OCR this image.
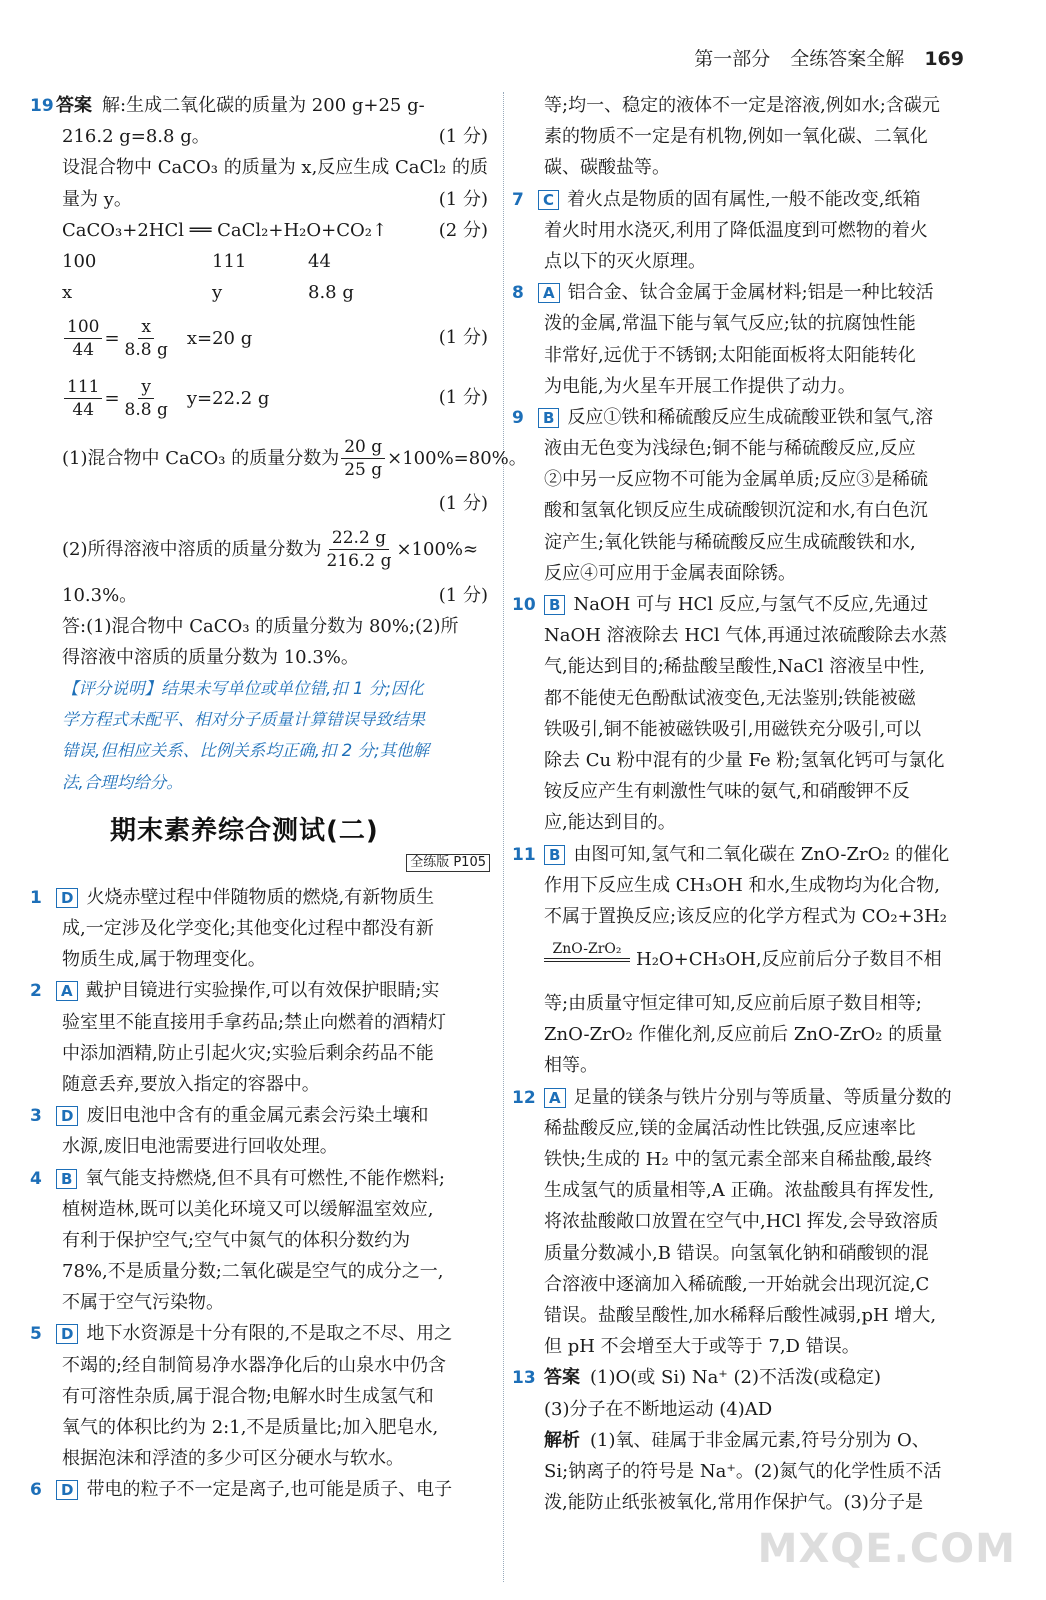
第一部分 全练答案全解 169
19 答案 解:生成二氧化碳的质量为 200 g+25 g-
216.2 g=8.8 g。	(1 分)
设混合物中 CaCO₃ 的质量为 x,反应生成 CaCl₂ 的质
量为 y。	(1 分)
CaCO₃+2HCl ══ CaCl₂+H₂O+CO₂↑	(2 分)
100	111	44
x	y	8.8 g
$\frac{100}{44} = \frac{x}{8.8 g} x=20$ g	(1 分)
$\frac{111}{44} = \frac{y}{8.8 g} y=22.2$ g	(1 分)
(1)混合物中 CaCO₃ 的质量分数为 $\frac{20 g}{25 g} \times 100\%=80\%$。
(1 分)
(2)所得溶液中溶质的质量分数为 $\frac{22.2 g}{216.2 g} \times 100\%\approx$
10.3%。	(1 分)
答:(1)混合物中 CaCO₃ 的质量分数为 80%;(2)所
得溶液中溶质的质量分数为 10.3%。
【评分说明】结果未写单位或单位错,扣 1 分;因化
学方程式未配平、相对分子质量计算错误导致结果
错误,但相应关系、比例关系均正确,扣 2 分;其他解
法,合理均给分。
期末素养综合测试(二)
全练版 P105
1 D 火烧赤壁过程中伴随物质的燃烧,有新物质生
成,一定涉及化学变化;其他变化过程中都没有新
物质生成,属于物理变化。
2 A 戴护目镜进行实验操作,可以有效保护眼睛;实
验室里不能直接用手拿药品;禁止向燃着的酒精灯
中添加酒精,防止引起火灾;实验后剩余药品不能
随意丢弃,要放入指定的容器中。
3 D 废旧电池中含有的重金属元素会污染土壤和
水源,废旧电池需要进行回收处理。
4 B 氧气能支持燃烧,但不具有可燃性,不能作燃料;
植树造林,既可以美化环境又可以缓解温室效应,
有利于保护空气;空气中氮气的体积分数约为
78%,不是质量分数;二氧化碳是空气的成分之一,
不属于空气污染物。
5 D 地下水资源是十分有限的,不是取之不尽、用之
不竭的;经自制简易净水器净化后的山泉水中仍含
有可溶性杂质,属于混合物;电解水时生成氢气和
氧气的体积比约为 2:1,不是质量比;加入肥皂水,
根据泡沫和浮渣的多少可区分硬水与软水。
6 D 带电的粒子不一定是离子,也可能是质子、电子
等;均一、稳定的液体不一定是溶液,例如水;含碳元
素的物质不一定是有机物,例如一氧化碳、二氧化
碳、碳酸盐等。
7 C 着火点是物质的固有属性,一般不能改变,纸箱
着火时用水浇灭,利用了降低温度到可燃物的着火
点以下的灭火原理。
8 A 铝合金、钛合金属于金属材料;铝是一种比较活
泼的金属,常温下能与氧气反应;钛的抗腐蚀性能
非常好,远优于不锈钢;太阳能面板将太阳能转化
为电能,为火星车开展工作提供了动力。
9 B 反应①铁和稀硫酸反应生成硫酸亚铁和氢气,溶
液由无色变为浅绿色;铜不能与稀硫酸反应,反应
②中另一反应物不可能为金属单质;反应③是稀硫
酸和氢氧化钡反应生成硫酸钡沉淀和水,有白色沉
淀产生;氧化铁能与稀硫酸反应生成硫酸铁和水,
反应④可应用于金属表面除锈。
10 B NaOH 可与 HCl 反应,与氢气不反应,先通过
NaOH 溶液除去 HCl 气体,再通过浓硫酸除去水蒸
气,能达到目的;稀盐酸呈酸性,NaCl 溶液呈中性,
都不能使无色酚酞试液变色,无法鉴别;铁能被磁
铁吸引,铜不能被磁铁吸引,用磁铁充分吸引,可以
除去 Cu 粉中混有的少量 Fe 粉;氢氧化钙可与氯化
铵反应产生有刺激性气味的氨气,和硝酸钾不反
应,能达到目的。
11 B 由图可知,氢气和二氧化碳在 ZnO-ZrO₂ 的催化
作用下反应生成 CH₃OH 和水,生成物均为化合物,
不属于置换反应;该反应的化学方程式为 CO₂+3H₂
ZnO-ZrO₂

H₂O+CH₃OH,反应前后分子数目不相
等;由质量守恒定律可知,反应前后原子数目相等;
ZnO-ZrO₂ 作催化剂,反应前后 ZnO-ZrO₂ 的质量
相等。
12 A 足量的镁条与铁片分别与等质量、等质量分数的
稀盐酸反应,镁的金属活动性比铁强,反应速率比
铁快;生成的 H₂ 中的氢元素全部来自稀盐酸,最终
生成氢气的质量相等,A 正确。浓盐酸具有挥发性,
将浓盐酸敞口放置在空气中,HCl 挥发,会导致溶质
质量分数减小,B 错误。向氢氧化钠和硝酸钡的混
合溶液中逐滴加入稀硫酸,一开始就会出现沉淀,C
错误。盐酸呈酸性,加水稀释后酸性减弱,pH 增大,
但 pH 不会增至大于或等于 7,D 错误。
13 答案 (1)O(或 Si) Na⁺ (2)不活泼(或稳定)
(3)分子在不断地运动 (4)AD
解析 (1)氧、硅属于非金属元素,符号分别为 O、
Si;钠离子的符号是 Na⁺。(2)氮气的化学性质不活
泼,能防止纸张被氧化,常用作保护气。(3)分子是
MXQE.COM
